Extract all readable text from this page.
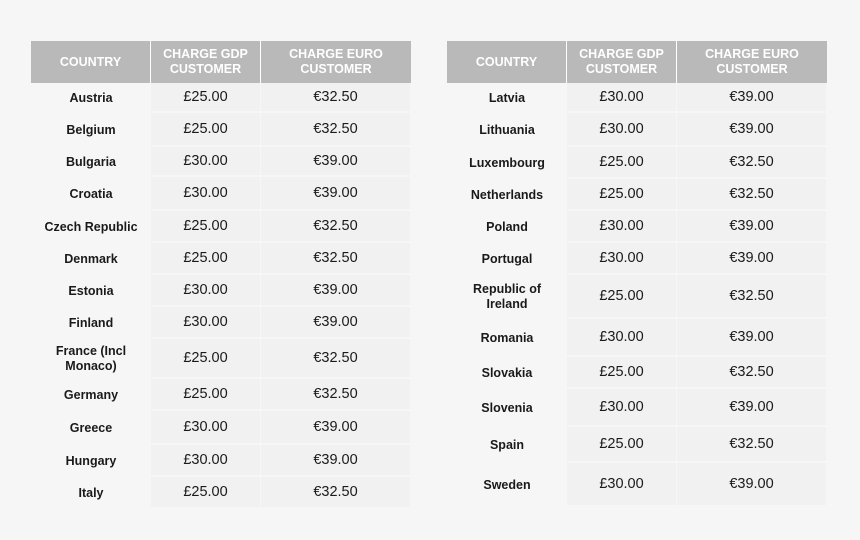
COUNTRY	CHARGE GDP CUSTOMER	CHARGE EURO CUSTOMER
Austria	£25.00	€32.50
Belgium	£25.00	€32.50
Bulgaria	£30.00	€39.00
Croatia	£30.00	€39.00
Czech Republic	£25.00	€32.50
Denmark	£25.00	€32.50
Estonia	£30.00	€39.00
Finland	£30.00	€39.00
France (Incl Monaco)	£25.00	€32.50
Germany	£25.00	€32.50
Greece	£30.00	€39.00
Hungary	£30.00	€39.00
Italy	£25.00	€32.50
COUNTRY	CHARGE GDP CUSTOMER	CHARGE EURO CUSTOMER
Latvia	£30.00	€39.00
Lithuania	£30.00	€39.00
Luxembourg	£25.00	€32.50
Netherlands	£25.00	€32.50
Poland	£30.00	€39.00
Portugal	£30.00	€39.00
Republic of Ireland	£25.00	€32.50
Romania	£30.00	€39.00
Slovakia	£25.00	€32.50
Slovenia	£30.00	€39.00
Spain	£25.00	€32.50
Sweden	£30.00	€39.00
